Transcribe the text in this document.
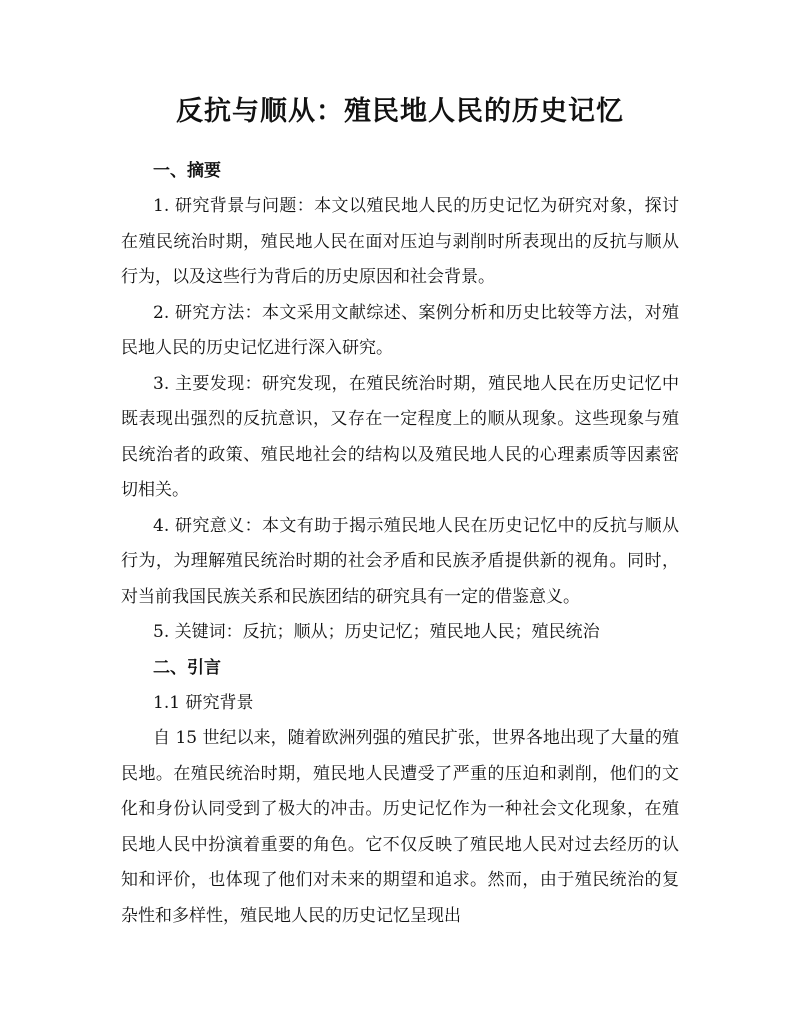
反抗与顺从：殖民地人民的历史记忆
一、摘要

1. 研究背景与问题：本文以殖民地人民的历史记忆为研究对象，探讨在殖民统治时期，殖民地人民在面对压迫与剥削时所表现出的反抗与顺从行为，以及这些行为背后的历史原因和社会背景。

2. 研究方法：本文采用文献综述、案例分析和历史比较等方法，对殖民地人民的历史记忆进行深入研究。

3. 主要发现：研究发现，在殖民统治时期，殖民地人民在历史记忆中既表现出强烈的反抗意识，又存在一定程度上的顺从现象。这些现象与殖民统治者的政策、殖民地社会的结构以及殖民地人民的心理素质等因素密切相关。

4. 研究意义：本文有助于揭示殖民地人民在历史记忆中的反抗与顺从行为，为理解殖民统治时期的社会矛盾和民族矛盾提供新的视角。同时，对当前我国民族关系和民族团结的研究具有一定的借鉴意义。

5. 关键词：反抗；顺从；历史记忆；殖民地人民；殖民统治

二、引言

1.1 研究背景

自 15 世纪以来，随着欧洲列强的殖民扩张，世界各地出现了大量的殖民地。在殖民统治时期，殖民地人民遭受了严重的压迫和剥削，他们的文化和身份认同受到了极大的冲击。历史记忆作为一种社会文化现象，在殖民地人民中扮演着重要的角色。它不仅反映了殖民地人民对过去经历的认知和评价，也体现了他们对未来的期望和追求。然而，由于殖民统治的复杂性和多样性，殖民地人民的历史记忆呈现出
